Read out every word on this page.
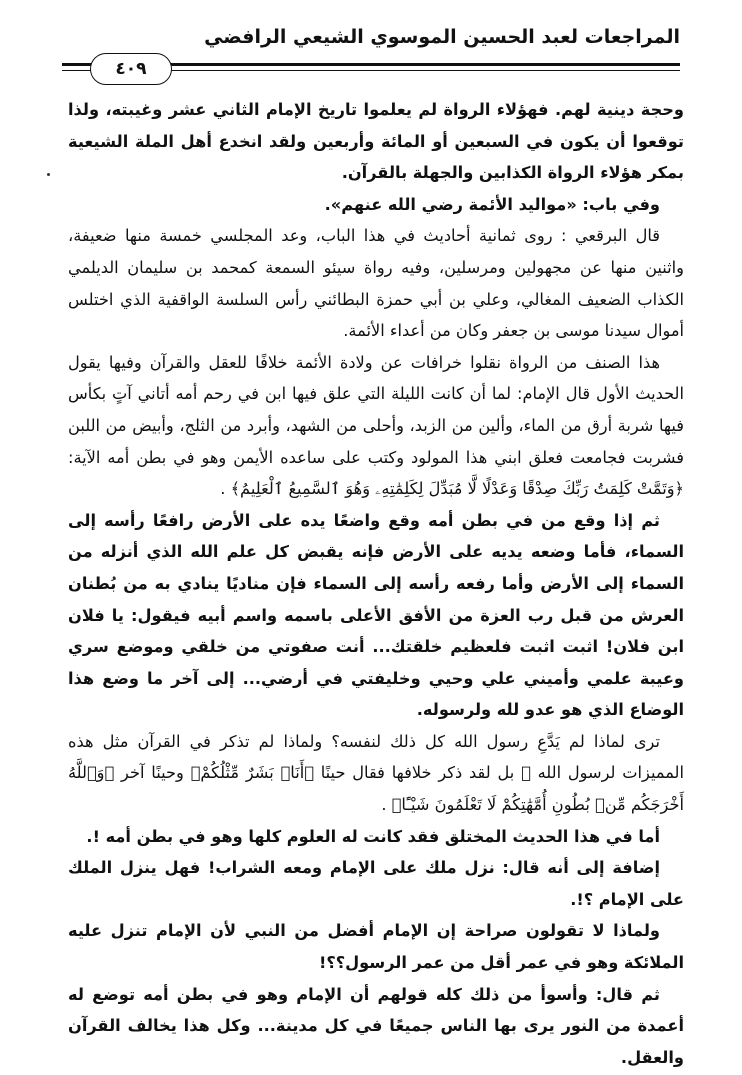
المراجعات لعبد الحسين الموسوي الشيعي الرافضي
٤٠٩

وحجة دينية لهم. فهؤلاء الرواة لم يعلموا تاريخ الإمام الثاني عشر وغيبته، ولذا توقعوا أن يكون في السبعين أو المائة وأربعين ولقد انخدع أهل الملة الشيعية بمكر هؤلاء الرواة الكذابين والجهلة بالقرآن.

وفي باب: «مواليد الأئمة رضي الله عنهم».

قال البرقعي : روى ثمانية أحاديث في هذا الباب، وعد المجلسي خمسة منها ضعيفة، واثنين منها عن مجهولين ومرسلين، وفيه رواة سيئو السمعة كمحمد بن سليمان الديلمي الكذاب الضعيف المغالي، وعلي بن أبي حمزة البطائني رأس السلسة الواقفية الذي اختلس أموال سيدنا موسى بن جعفر وكان من أعداء الأئمة.

هذا الصنف من الرواة نقلوا خرافات عن ولادة الأئمة خلافًا للعقل والقرآن وفيها يقول الحديث الأول قال الإمام: لما أن كانت الليلة التي علق فيها ابن في رحم أمه أتاني آتٍ بكأس فيها شربة أرق من الماء، وألين من الزبد، وأحلى من الشهد، وأبرد من الثلج، وأبيض من اللبن فشربت فجامعت فعلق ابني هذا المولود وكتب على ساعده الأيمن وهو في بطن أمه الآية: ﴿وَتَمَّتْ كَلِمَتُ رَبِّكَ صِدْقًا وَعَدْلًا لَّا مُبَدِّلَ لِكَلِمَٰتِهِۦ وَهُوَ ٱلسَّمِيعُ ٱلْعَلِيمُ﴾ .

ثم إذا وقع من في بطن أمه وقع واضعًا يده على الأرض رافعًا رأسه إلى السماء، فأما وضعه يديه على الأرض فإنه يقبض كل علم الله الذي أنزله من السماء إلى الأرض وأما رفعه رأسه إلى السماء فإن مناديًا ينادي به من بُطنان العرش من قبل رب العزة من الأفق الأعلى باسمه واسم أبيه فيقول: يا فلان ابن فلان! اثبت اثبت فلعظيم خلقتك... أنت صفوتي من خلقي وموضع سري وعيبة علمي وأميني علي وحيي وخليفتي في أرضي... إلى آخر ما وضع هذا الوضاع الذي هو عدو لله ولرسوله.

ترى لماذا لم يَدَّعِ رسول الله كل ذلك لنفسه؟ ولماذا لم تذكر في القرآن مثل هذه المميزات لرسول الله ﷺ بل لقد ذكر خلافها فقال حينًا ﴿أَنَا۠ بَشَرٌ مِّثْلُكُمْ﴾ وحينًا آخر ﴿وَٱللَّهُ أَخْرَجَكُم مِّنۢ بُطُونِ أُمَّهَٰتِكُمْ لَا تَعْلَمُونَ شَيْـًٔا﴾ .

أما في هذا الحديث المختلق فقد كانت له العلوم كلها وهو في بطن أمه !.

إضافة إلى أنه قال: نزل ملك على الإمام ومعه الشراب! فهل ينزل الملك على الإمام ؟!.

ولماذا لا تقولون صراحة إن الإمام أفضل من النبي لأن الإمام تنزل عليه الملائكة وهو في عمر أقل من عمر الرسول؟؟!

ثم قال: وأسوأ من ذلك كله قولهم أن الإمام وهو في بطن أمه توضع له أعمدة من النور يرى بها الناس جميعًا في كل مدينة... وكل هذا يخالف القرآن والعقل.
